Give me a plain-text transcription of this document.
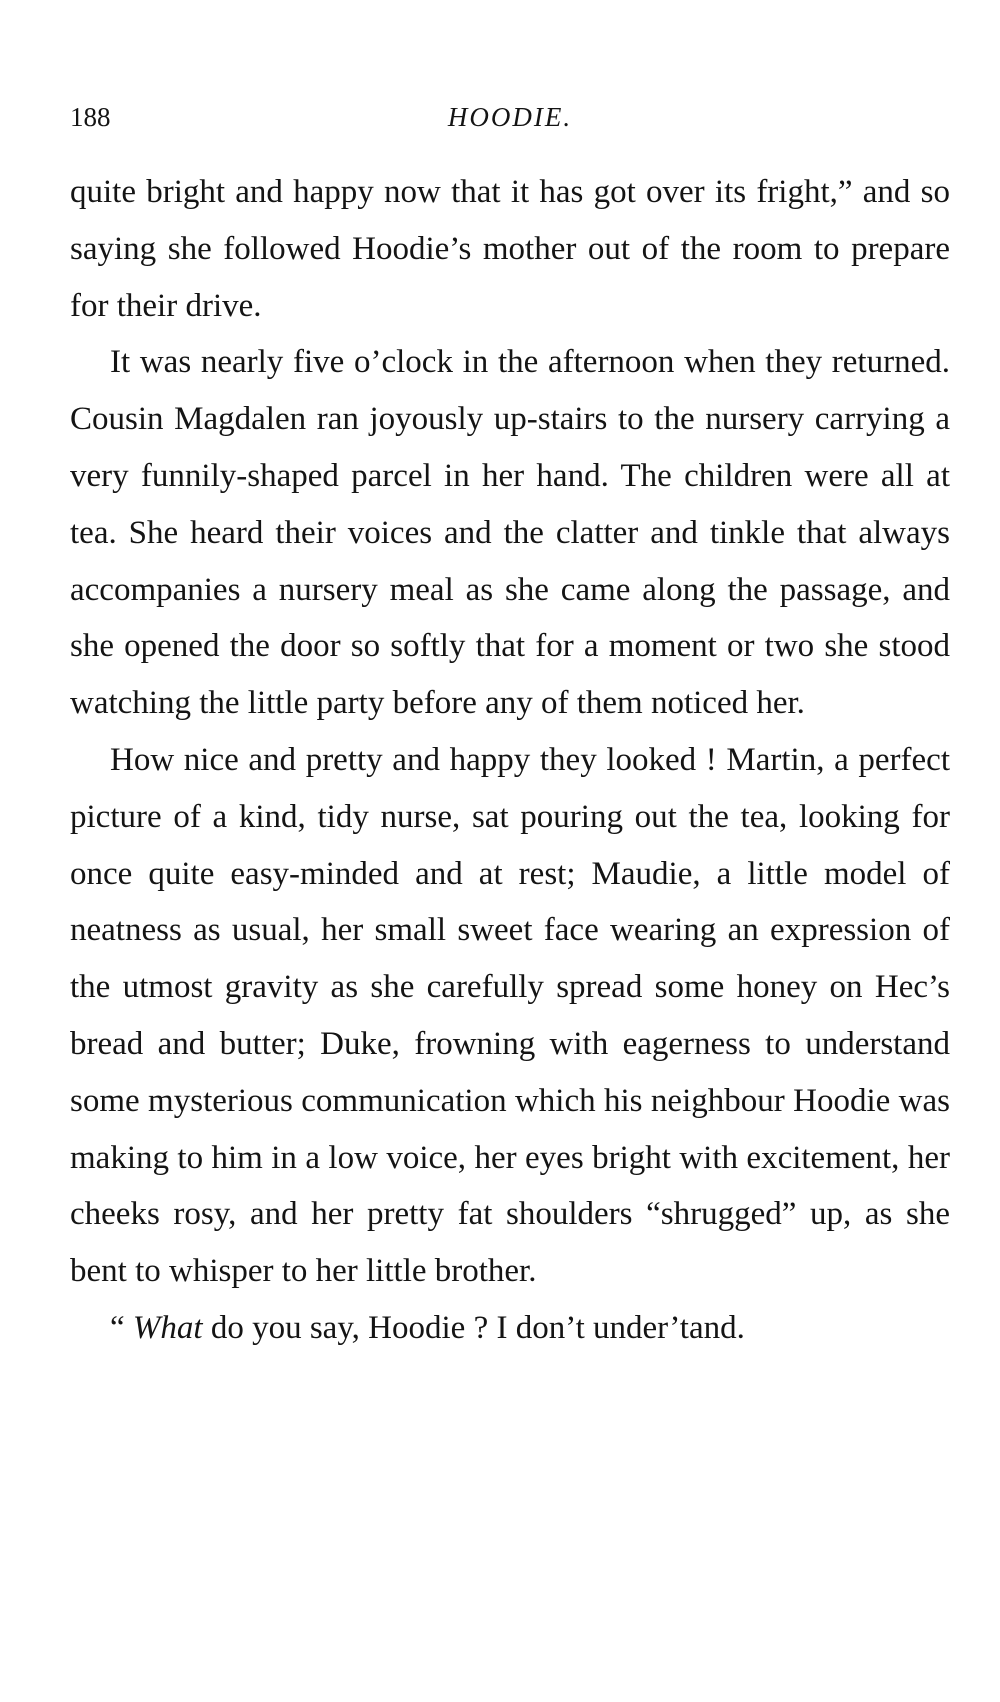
188	HOODIE.

quite bright and happy now that it has got over its fright,” and so saying she followed Hoodie’s mother out of the room to prepare for their drive.

It was nearly five o’clock in the afternoon when they returned. Cousin Magdalen ran joyously up-stairs to the nursery carrying a very funnily-shaped parcel in her hand. The children were all at tea. She heard their voices and the clatter and tinkle that always accompanies a nursery meal as she came along the passage, and she opened the door so softly that for a moment or two she stood watching the little party before any of them noticed her.

How nice and pretty and happy they looked ! Martin, a perfect picture of a kind, tidy nurse, sat pouring out the tea, looking for once quite easy-minded and at rest; Maudie, a little model of neatness as usual, her small sweet face wearing an expression of the utmost gravity as she carefully spread some honey on Hec’s bread and butter; Duke, frowning with eagerness to understand some mysterious communication which his neighbour Hoodie was making to him in a low voice, her eyes bright with excitement, her cheeks rosy, and her pretty fat shoulders “shrugged” up, as she bent to whisper to her little brother.

“ What do you say, Hoodie ? I don’t under’tand.
